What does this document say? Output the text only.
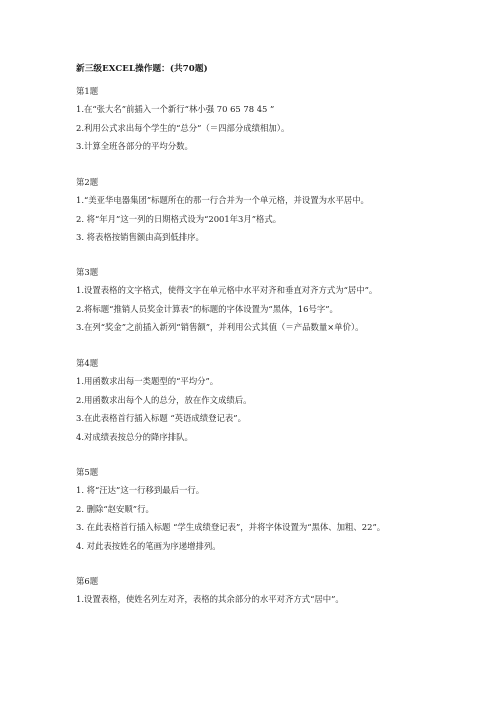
新三级EXCEL操作题：(共70题)
第1题
1.在“张大名”前插入一个新行“林小强 70 65 78 45 ”
2.利用公式求出每个学生的“总分”（＝四部分成绩相加）。
3.计算全班各部分的平均分数。
第2题
1.“美亚华电器集团”标题所在的那一行合并为一个单元格，并设置为水平居中。
2. 将“年月”这一列的日期格式设为“2001年3月”格式。
3. 将表格按销售额由高到低排序。
第3题
1.设置表格的文字格式，使得文字在单元格中水平对齐和垂直对齐方式为“居中”。
2.将标题“推销人员奖金计算表”的标题的字体设置为“黑体，16号字”。
3.在列“奖金”之前插入新列“销售额”，并利用公式其值（＝产品数量×单价）。
第4题
1.用函数求出每一类题型的“平均分”。
2.用函数求出每个人的总分，放在作文成绩后。
3.在此表格首行插入标题 “英语成绩登记表”。
4.对成绩表按总分的降序排队。
第5题
1. 将“汪达”这一行移到最后一行。
2. 删除“赵安顺”行。
3. 在此表格首行插入标题 “学生成绩登记表”，并将字体设置为“黑体、加粗、22”。
4. 对此表按姓名的笔画为序递增排列。
第6题
1.设置表格，使姓名列左对齐，表格的其余部分的水平对齐方式“居中”。
